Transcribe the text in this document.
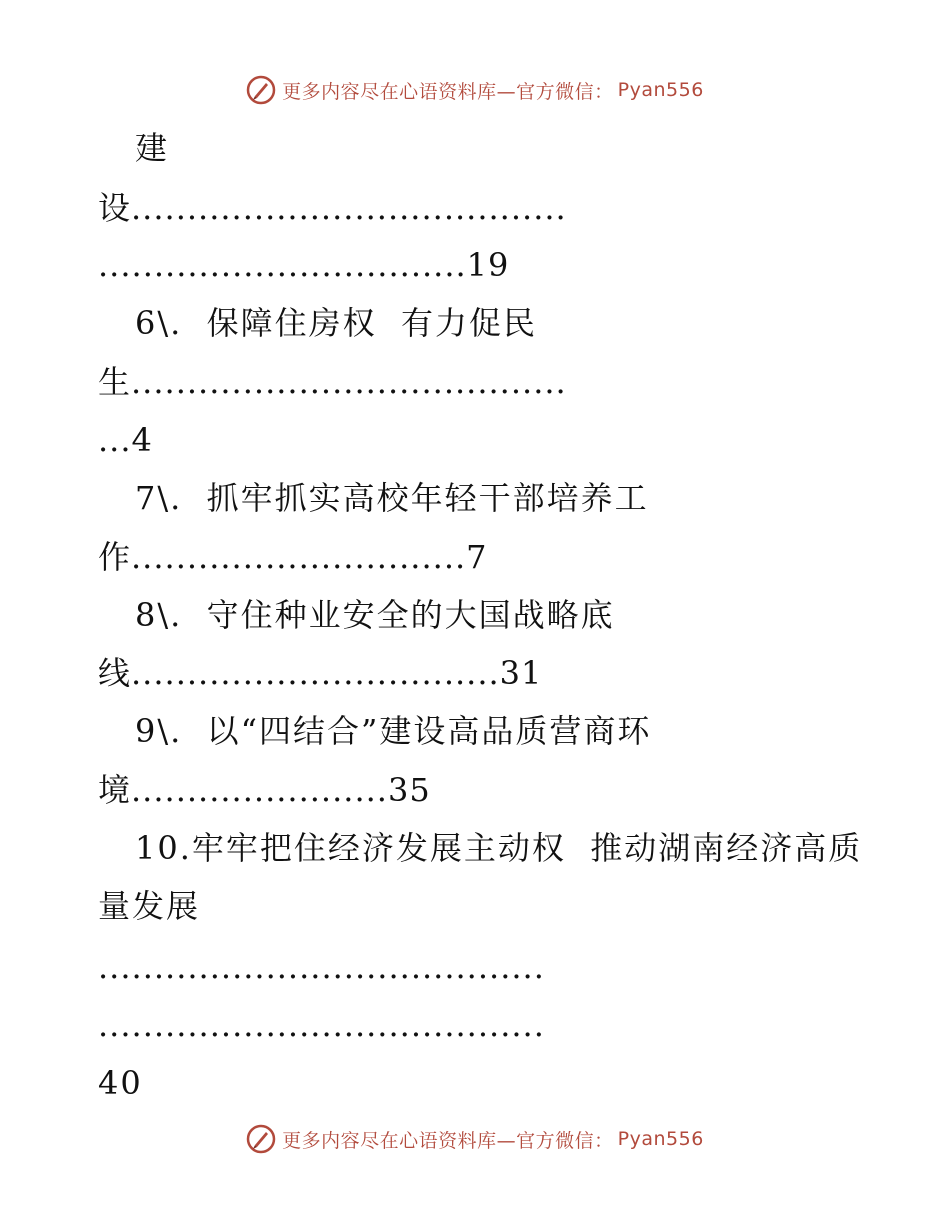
更多内容尽在心语资料库—官方微信： Pyan556
建
设.......................................
.................................19
6\.  保障住房权  有力促民
生.......................................
...4
7\.  抓牢抓实高校年轻干部培养工
作..............................7
8\.  守住种业安全的大国战略底
线.................................31
9\.  以“四结合”建设高品质营商环
境.......................35
10.牢牢把住经济发展主动权  推动湖南经济高质
量发展
........................................
........................................
40
更多内容尽在心语资料库—官方微信： Pyan556
